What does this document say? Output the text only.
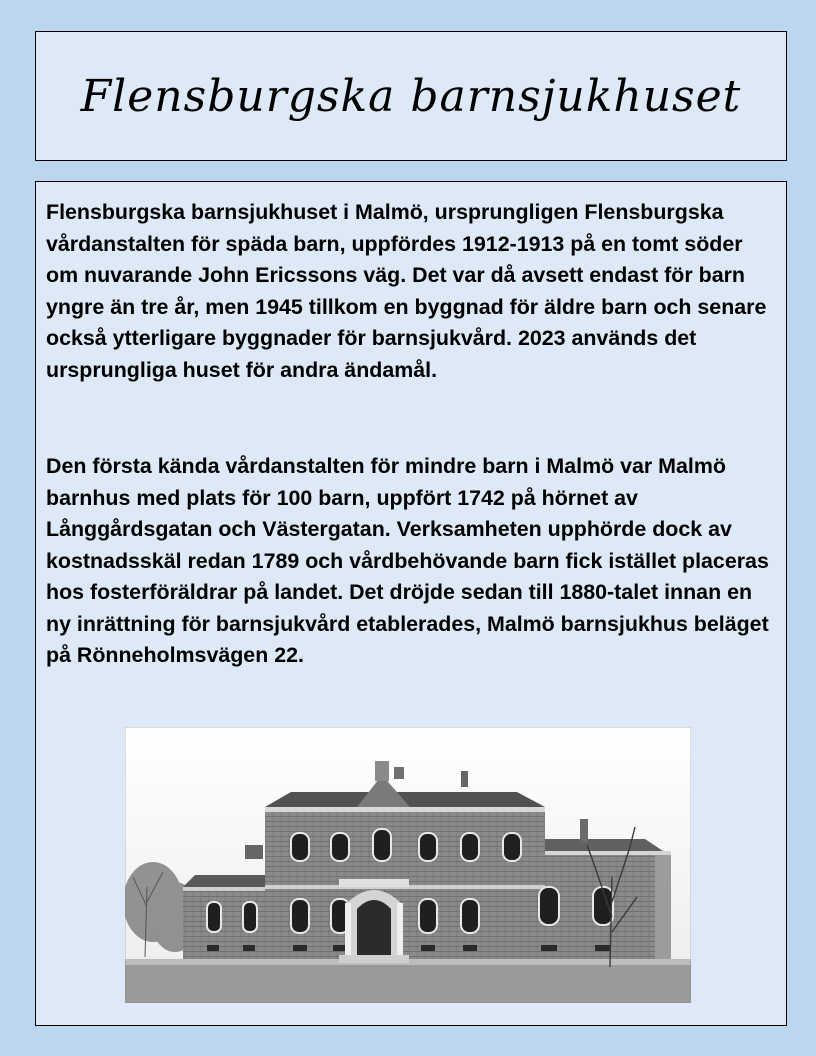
Flensburgska barnsjukhuset

Flensburgska barnsjukhuset i Malmö, ursprungligen Flensburgska vårdanstalten för späda barn, uppfördes 1912-1913 på en tomt söder om nuvarande John Ericssons väg. Det var då avsett endast för barn yngre än tre år, men 1945 tillkom en byggnad för äldre barn och senare också ytterligare byggnader för barnsjukvård. 2023 används det ursprungliga huset för andra ändamål.

Den första kända vårdanstalten för mindre barn i Malmö var Malmö barnhus med plats för 100 barn, uppfört 1742 på hörnet av Långgårdsgatan och Västergatan. Verksamheten upphörde dock av kostnadsskäl redan 1789 och vårdbehövande barn fick istället placeras hos fosterföräldrar på landet. Det dröjde sedan till 1880-talet innan en ny inrättning för barnsjukvård etablerades, Malmö barnsjukhus beläget på Rönneholmsvägen 22.
